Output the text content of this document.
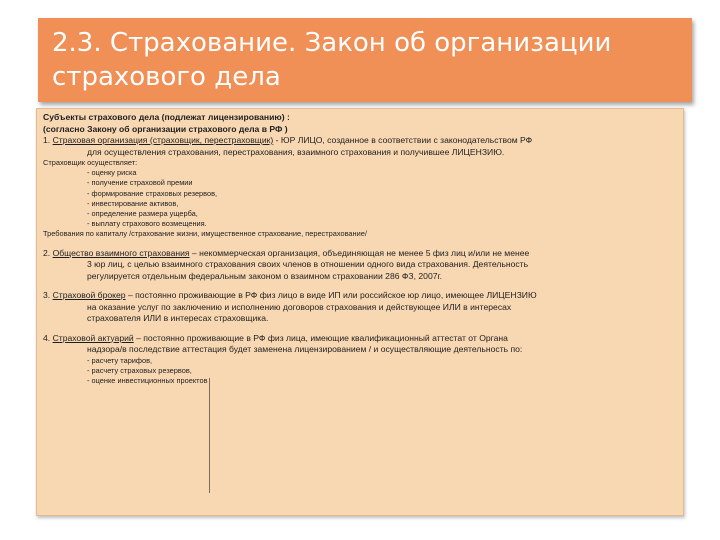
2.3. Страхование. Закон об организации страхового дела
Субъекты страхового дела (подлежат лицензированию) :
(согласно Закону об организации страхового дела в РФ )
1. Страховая организация (страховщик, перестраховщик) - ЮР ЛИЦО, созданное в соответствии с законодательством РФ
для осуществления страхования, перестрахования, взаимного страхования и получившее ЛИЦЕНЗИЮ.
Страховщик осуществляет:
- оценку риска
- получение страховой премии
- формирование страховых резервов,
- инвестирование активов,
- определение размера ущерба,
- выплату страхового возмещения.
Требования по капиталу /страхование жизни, имущественное страхование, перестрахование/
2. Общество взаимного страхования – некоммерческая организация, объединяющая не менее 5 физ лиц и/или не менее
3 юр лиц, с целью взаимного страхования своих членов в отношении одного вида страхования. Деятельность
регулируется отдельным федеральным законом о взаимном страховании 286 ФЗ, 2007г.
3. Страховой брокер – постоянно проживающие в РФ физ лицо в виде ИП или российское юр лицо, имеющее ЛИЦЕНЗИЮ
на оказание услуг по заключению и исполнению договоров страхования и действующее ИЛИ в интересах
страхователя ИЛИ в интересах страховщика.
4. Страховой актуарий – постоянно проживающие в РФ физ лица, имеющие квалификационный аттестат от Органа
надзора/в последствие аттестация будет заменена лицензированием / и осуществляющие деятельность по:
- расчету тарифов,
- расчету страховых резервов,
- оценке инвестиционных проектов
